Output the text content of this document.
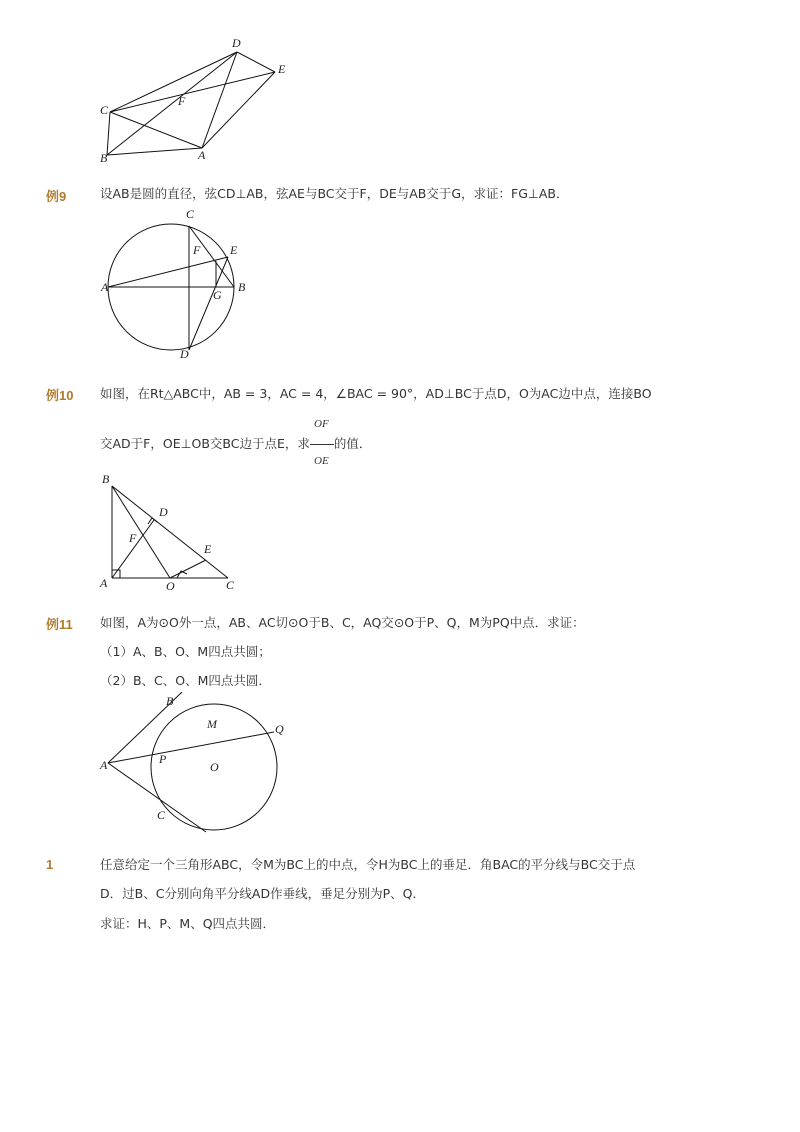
D
E
C
F
B	A
例9	设AB是圆的直径，弦CD⊥AB，弦AE与BC交于F，DE与AB交于G，求证：FG⊥AB．
C
F E
A
G
B
D
例10 如图，在Rt△ABC中，AB = 3，AC = 4，∠BAC = 90°，AD⊥BC于点D，O为AC边中点，连接BO
OF
交AD于F，OE⊥OB交BC边于点E，求 的值．
OE
B
D
F
E
A	O	C
例11 如图，A为⊙O外一点，AB、AC切⊙O于B、C，AQ交⊙O于P、Q，M为PQ中点．求证：
（1）A、B、O、M四点共圆；
（2）B、C、O、M四点共圆．
B
M	Q
A	P
O
C
1	任意给定一个三角形ABC，令M为BC上的中点，令H为BC上的垂足．角BAC的平分线与BC交于点
D．过B、C分别向角平分线AD作垂线，垂足分别为P、Q．
求证：H、P、M、Q四点共圆．
